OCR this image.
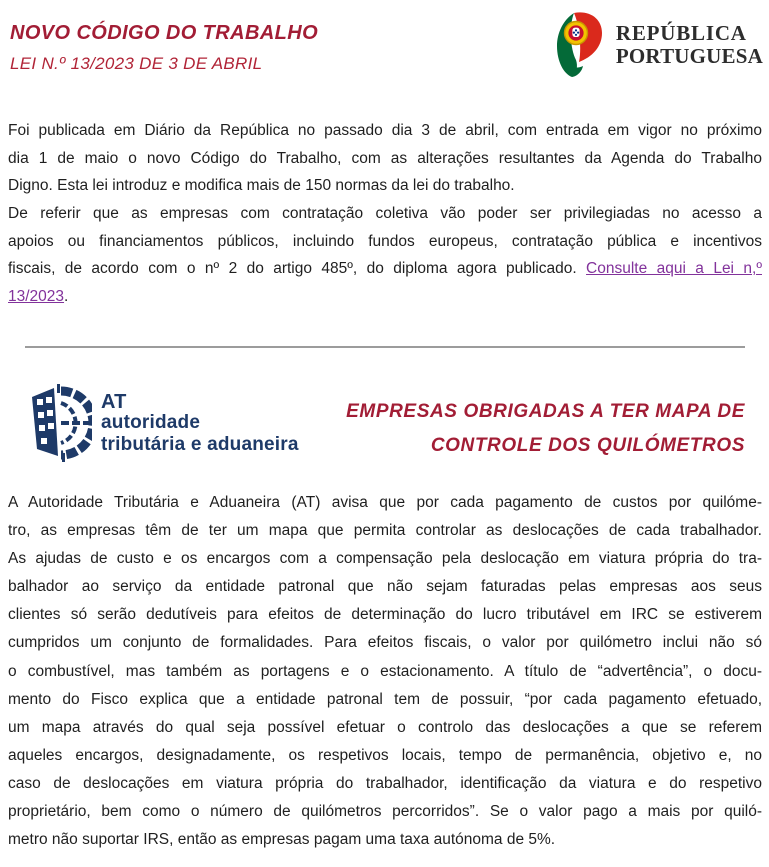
NOVO CÓDIGO DO TRABALHO
LEI N.º 13/2023 DE 3 DE ABRIL
REPÚBLICA
PORTUGUESA
Foi publicada em Diário da República no passado dia 3 de abril, com entrada em vigor no próximo
dia 1 de maio o novo Código do Trabalho, com as alterações resultantes da Agenda do Trabalho
Digno. Esta lei introduz e modifica mais de 150 normas da lei do trabalho.
De referir que as empresas com contratação coletiva vão poder ser privilegiadas no acesso a
apoios ou financiamentos públicos, incluindo fundos europeus, contratação pública e incentivos
fiscais, de acordo com o nº 2 do artigo 485º, do diploma agora publicado. Consulte aqui a Lei n,º
13/2023.
AT
autoridade
tributária e aduaneira
EMPRESAS OBRIGADAS A TER MAPA DE
CONTROLE DOS QUILÓMETROS
A Autoridade Tributária e Aduaneira (AT) avisa que por cada pagamento de custos por quilóme-
tro, as empresas têm de ter um mapa que permita controlar as deslocações de cada trabalhador.
As ajudas de custo e os encargos com a compensação pela deslocação em viatura própria do tra-
balhador ao serviço da entidade patronal que não sejam faturadas pelas empresas aos seus
clientes só serão dedutíveis para efeitos de determinação do lucro tributável em IRC se estiverem
cumpridos um conjunto de formalidades. Para efeitos fiscais, o valor por quilómetro inclui não só
o combustível, mas também as portagens e o estacionamento. A título de “advertência”, o docu-
mento do Fisco explica que a entidade patronal tem de possuir, “por cada pagamento efetuado,
um mapa através do qual seja possível efetuar o controlo das deslocações a que se referem
aqueles encargos, designadamente, os respetivos locais, tempo de permanência, objetivo e, no
caso de deslocações em viatura própria do trabalhador, identificação da viatura e do respetivo
proprietário, bem como o número de quilómetros percorridos”. Se o valor pago a mais por quiló-
metro não suportar IRS, então as empresas pagam uma taxa autónoma de 5%.
